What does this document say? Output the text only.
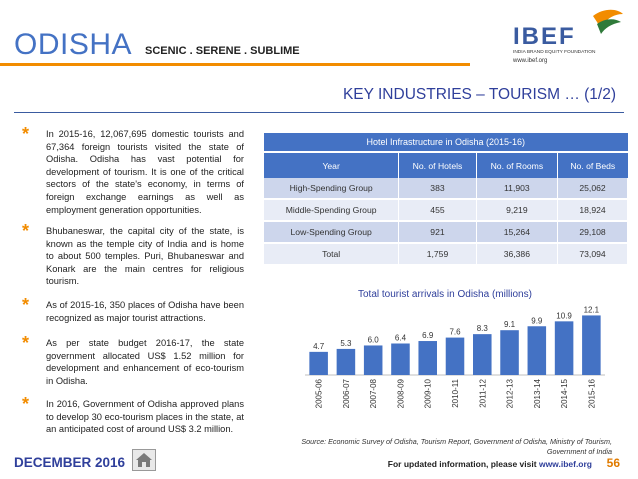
ODISHA SCENIC . SERENE . SUBLIME
IBEF
INDIA BRAND EQUITY FOUNDATION
www.ibef.org
KEY INDUSTRIES – TOURISM … (1/2)
* In 2015-16, 12,067,695 domestic tourists and 67,364 foreign tourists visited the state of Odisha. Odisha has vast potential for development of tourism. It is one of the critical sectors of the state's economy, in terms of foreign exchange earnings as well as employment generation opportunities.
* Bhubaneswar, the capital city of the state, is known as the temple city of India and is home to about 500 temples. Puri, Bhubaneswar and Konark are the main centres for religious tourism.
* As of 2015-16, 350 places of Odisha have been recognized as major tourist attractions.
* As per state budget 2016-17, the state government allocated US$ 1.52 million for development and enhancement of eco-tourism in Odisha.
* In 2016, Government of Odisha approved plans to develop 30 eco-tourism places in the state, at an anticipated cost of around US$ 3.2 million.
Hotel Infrastructure in Odisha (2015-16)			
Year	No. of Hotels	No. of Rooms	No. of Beds
High-Spending Group	383	11,903	25,062
Middle-Spending Group	455	9,219	18,924
Low-Spending Group	921	15,264	29,108
Total	1,759	36,386	73,094
Total tourist arrivals in Odisha (millions)
4.7
2005-06
5.3
2006-07
6.0
2007-08
6.4
2008-09
6.9
2009-10
7.6
2010-11
8.3
2011-12
9.1
2012-13
9.9
2013-14
10.9
2014-15
12.1
2015-16
Source: Economic Survey of Odisha, Tourism Report, Government of Odisha, Ministry of Tourism, Government of India
DECEMBER 2016	For updated information, please visit www.ibef.org 56
